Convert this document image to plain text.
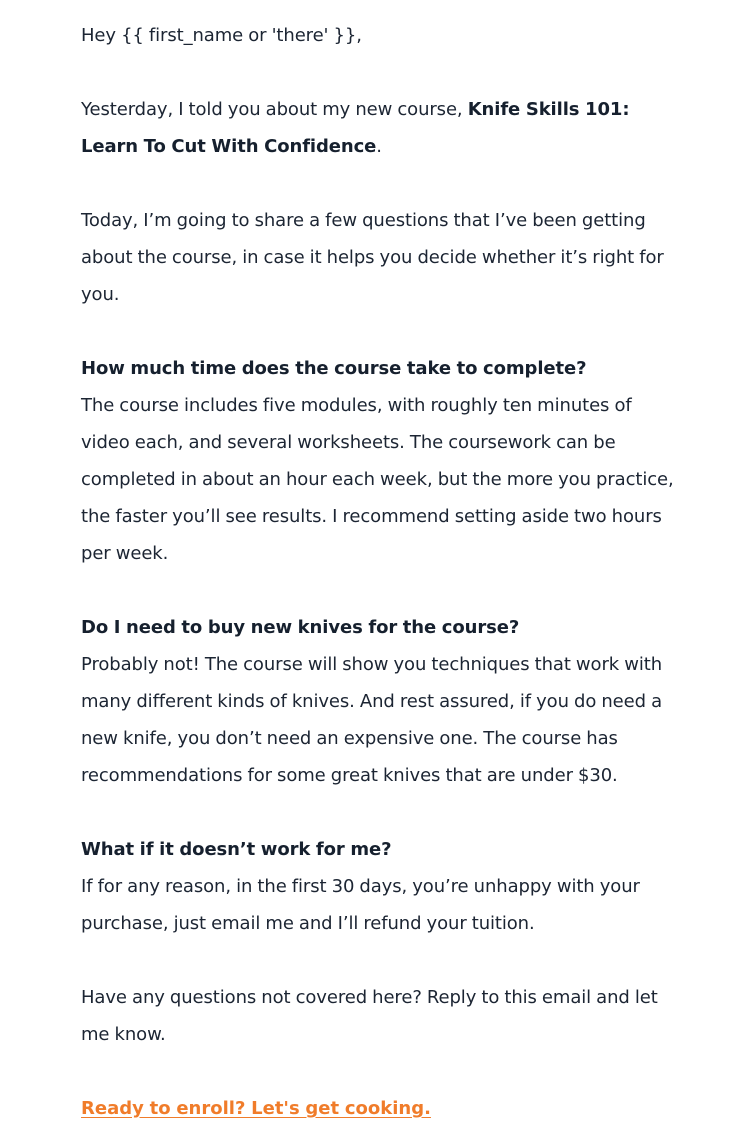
Hey {{ first_name or 'there' }},

Yesterday, I told you about my new course, Knife Skills 101: Learn To Cut With Confidence.

Today, I’m going to share a few questions that I’ve been getting about the course, in case it helps you decide whether it’s right for you.

How much time does the course take to complete?
The course includes five modules, with roughly ten minutes of video each, and several worksheets. The coursework can be completed in about an hour each week, but the more you practice, the faster you’ll see results. I recommend setting aside two hours per week.

Do I need to buy new knives for the course?
Probably not! The course will show you techniques that work with many different kinds of knives. And rest assured, if you do need a new knife, you don’t need an expensive one. The course has recommendations for some great knives that are under $30.

What if it doesn’t work for me?
If for any reason, in the first 30 days, you’re unhappy with your purchase, just email me and I’ll refund your tuition.

Have any questions not covered here? Reply to this email and let me know.

Ready to enroll? Let's get cooking.
